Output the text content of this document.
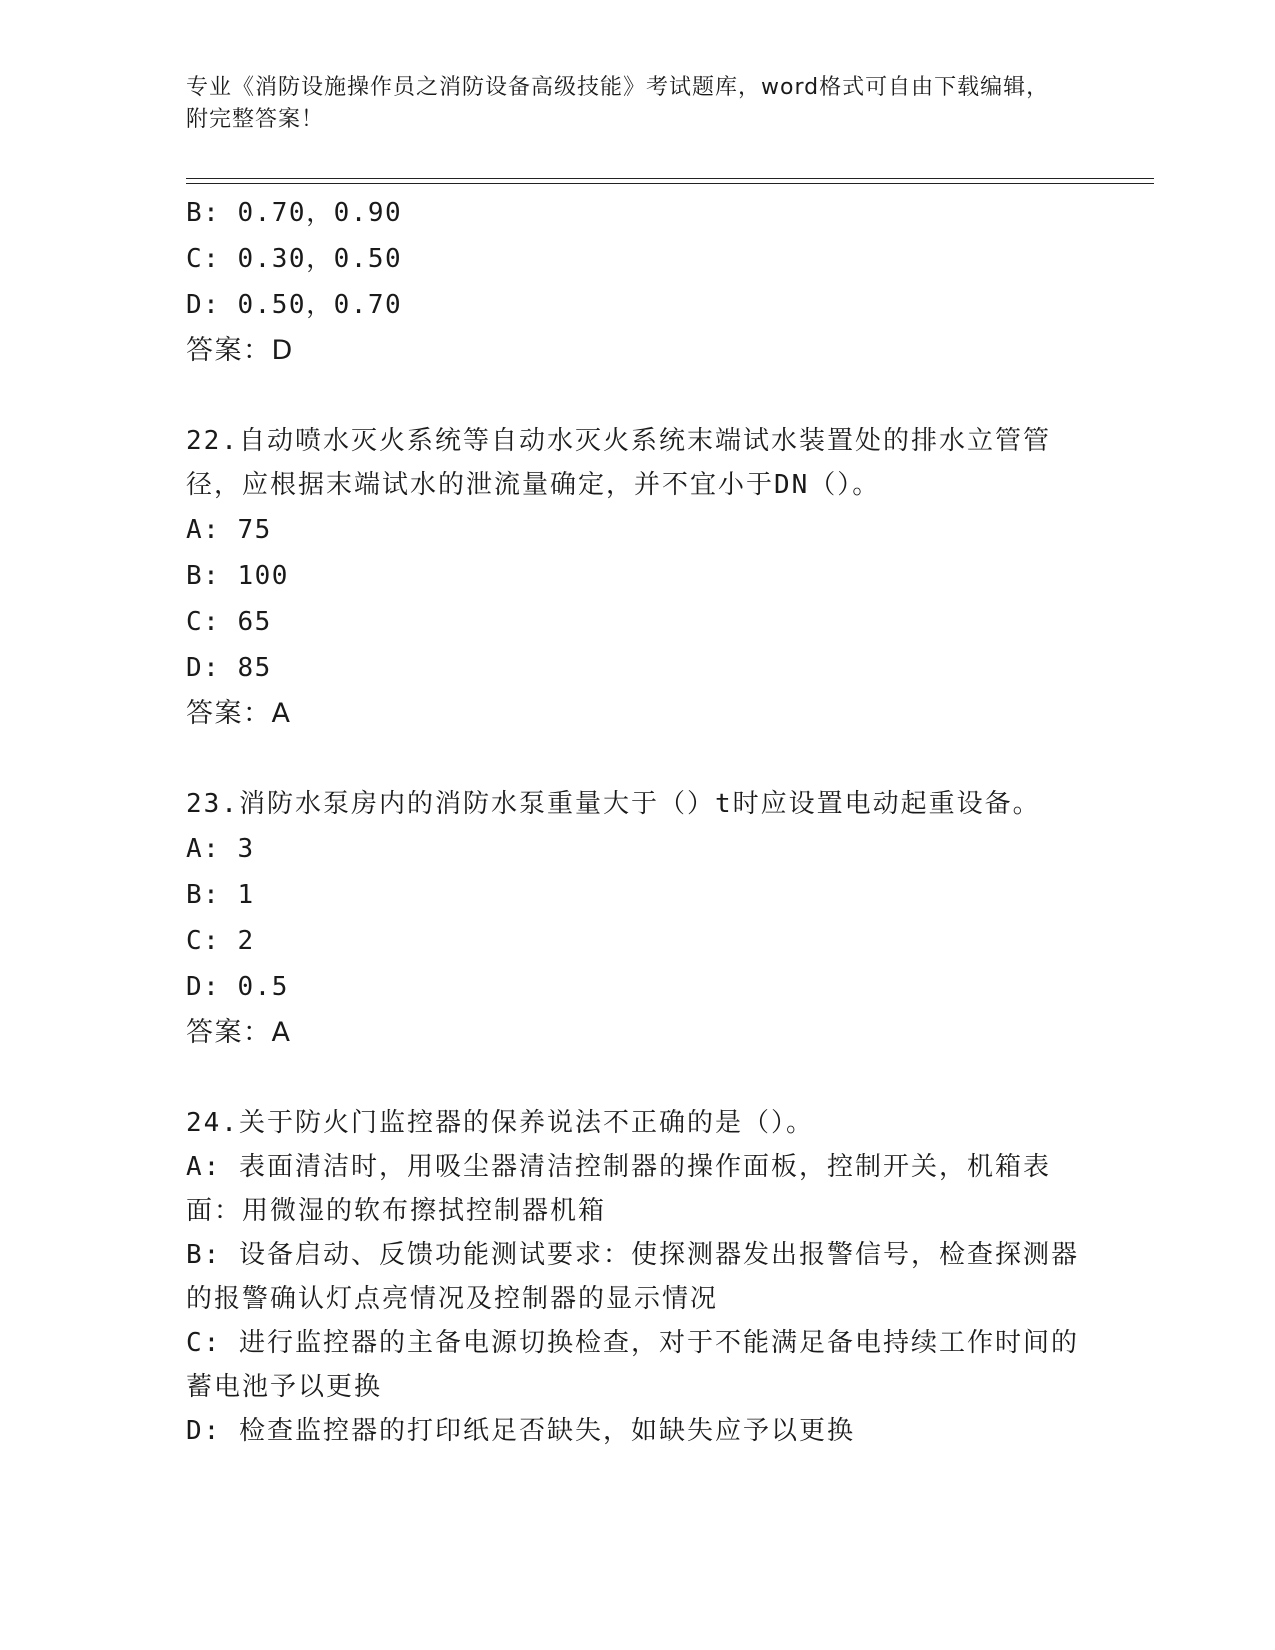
专业《消防设施操作员之消防设备高级技能》考试题库，word格式可自由下载编辑，附完整答案！
B: 0.70，0.90
C: 0.30，0.50
D: 0.50，0.70
答案：D
22.自动喷水灭火系统等自动水灭火系统末端试水装置处的排水立管管径，应根据末端试水的泄流量确定，并不宜小于DN（）。
A: 75
B: 100
C: 65
D: 85
答案：A
23.消防水泵房内的消防水泵重量大于（）t时应设置电动起重设备。
A: 3
B: 1
C: 2
D: 0.5
答案：A
24.关于防火门监控器的保养说法不正确的是（）。
A: 表面清洁时，用吸尘器清洁控制器的操作面板，控制开关，机箱表面：用微湿的软布擦拭控制器机箱
B: 设备启动、反馈功能测试要求：使探测器发出报警信号，检查探测器的报警确认灯点亮情况及控制器的显示情况
C: 进行监控器的主备电源切换检查，对于不能满足备电持续工作时间的蓄电池予以更换
D: 检查监控器的打印纸足否缺失，如缺失应予以更换
